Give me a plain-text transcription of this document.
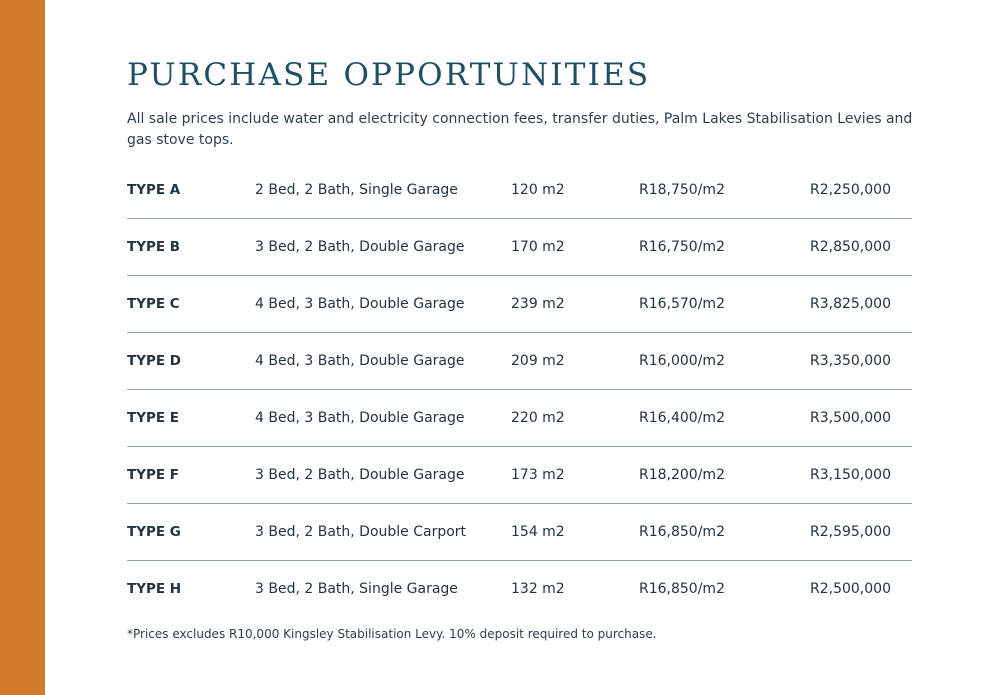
PURCHASE OPPORTUNITIES

All sale prices include water and electricity connection fees, transfer duties, Palm Lakes Stabilisation Levies and gas stove tops.

TYPE A	2 Bed, 2 Bath, Single Garage	120 m2	R18,750/m2	R2,250,000
TYPE B	3 Bed, 2 Bath, Double Garage	170 m2	R16,750/m2	R2,850,000
TYPE C	4 Bed, 3 Bath, Double Garage	239 m2	R16,570/m2	R3,825,000
TYPE D	4 Bed, 3 Bath, Double Garage	209 m2	R16,000/m2	R3,350,000
TYPE E	4 Bed, 3 Bath, Double Garage	220 m2	R16,400/m2	R3,500,000
TYPE F	3 Bed, 2 Bath, Double Garage	173 m2	R18,200/m2	R3,150,000
TYPE G	3 Bed, 2 Bath, Double Carport	154 m2	R16,850/m2	R2,595,000
TYPE H	3 Bed, 2 Bath, Single Garage	132 m2	R16,850/m2	R2,500,000

*Prices excludes R10,000 Kingsley Stabilisation Levy. 10% deposit required to purchase.
